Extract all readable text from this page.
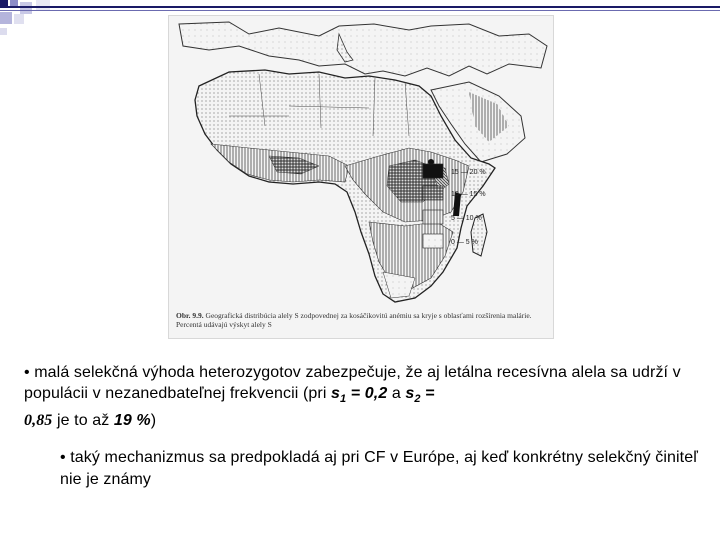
15 — 20 %
10 — 15 %
5 — 10 %
0 — 5 %
Obr. 9.9. Geografická distribúcia alely S zodpovednej za kosáčikovitú anémiu sa kryje s oblasťami rozšírenia malárie. Percentá udávajú výskyt alely S
• malá selekčná výhoda heterozygotov zabezpečuje, že aj letálna recesívna alela sa udrží v populácii v nezanedbateľnej frekvencii (pri $s_1 = 0,2$ a $s_2$ =
0,85 je to až 19 %)
• taký mechanizmus sa predpokladá aj pri CF v Európe, aj keď konkrétny selekčný činiteľ nie je známy
